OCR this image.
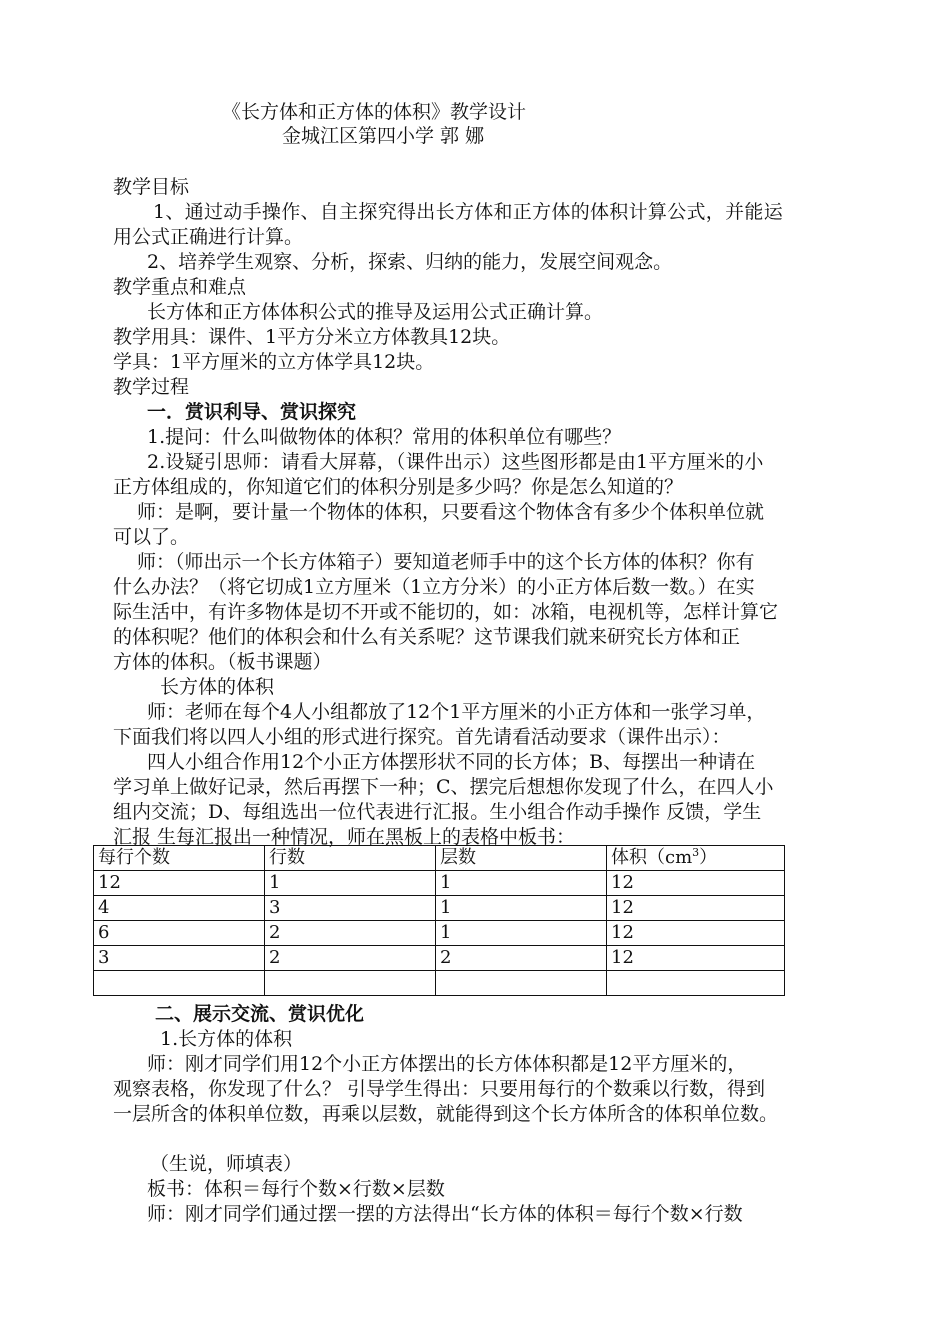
《长方体和正方体的体积》教学设计
金城江区第四小学 郭 娜
教学目标
1、通过动手操作、自主探究得出长方体和正方体的体积计算公式，并能运
用公式正确进行计算。
2、培养学生观察、分析，探索、归纳的能力，发展空间观念。
教学重点和难点
长方体和正方体体积公式的推导及运用公式正确计算。
教学用具：课件、1平方分米立方体教具12块。
学具：1平方厘米的立方体学具12块。
教学过程
一．赏识利导、赏识探究
1.提问：什么叫做物体的体积？常用的体积单位有哪些？
2.设疑引思师：请看大屏幕，（课件出示）这些图形都是由1平方厘米的小
正方体组成的，你知道它们的体积分别是多少吗？你是怎么知道的？
师：是啊，要计量一个物体的体积，只要看这个物体含有多少个体积单位就
可以了。
师：（师出示一个长方体箱子）要知道老师手中的这个长方体的体积？你有
什么办法？（将它切成1立方厘米（1立方分米）的小正方体后数一数。）在实
际生活中，有许多物体是切不开或不能切的，如：冰箱，电视机等，怎样计算它
的体积呢？他们的体积会和什么有关系呢？这节课我们就来研究长方体和正
方体的体积。（板书课题）
长方体的体积
师：老师在每个4人小组都放了12个1平方厘米的小正方体和一张学习单，
下面我们将以四人小组的形式进行探究。首先请看活动要求（课件出示）：
四人小组合作用12个小正方体摆形状不同的长方体；B、每摆出一种请在
学习单上做好记录，然后再摆下一种；C、摆完后想想你发现了什么，在四人小
组内交流；D、每组选出一位代表进行汇报。生小组合作动手操作 反馈，学生
汇报 生每汇报出一种情况，师在黑板上的表格中板书：
每行个数	行数	层数	体积$(cm^3)$
12	1	1	12
4	3	1	12
6	2	1	12
3	2	2	12

二、展示交流、赏识优化
1.长方体的体积
师：刚才同学们用12个小正方体摆出的长方体体积都是12平方厘米的，
观察表格，你发现了什么？ 引导学生得出：只要用每行的个数乘以行数，得到
一层所含的体积单位数，再乘以层数，就能得到这个长方体所含的体积单位数。
（生说，师填表）
板书：体积＝每行个数×行数×层数
师：刚才同学们通过摆一摆的方法得出“长方体的体积＝每行个数×行数
